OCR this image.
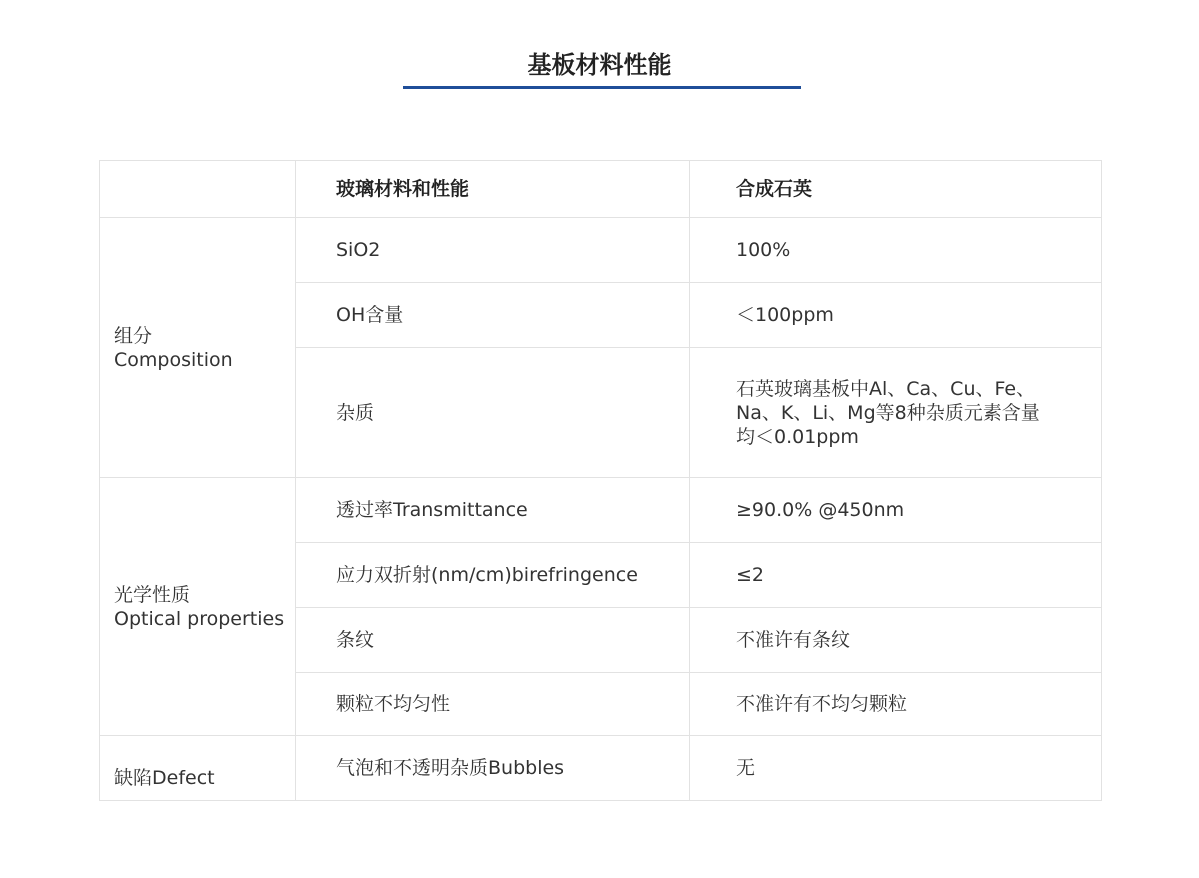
基板材料性能
	玻璃材料和性能	合成石英

组分
Composition	SiO2	100%
	OH含量	＜100ppm
	杂质	石英玻璃基板中Al、Ca、Cu、Fe、
Na、K、Li、Mg等8种杂质元素含量
均＜0.01ppm

光学性质
Optical properties	透过率Transmittance	≥90.0% @450nm
	应力双折射(nm/cm)birefringence	≤2
	条纹	不准许有条纹
	颗粒不均匀性	不准许有不均匀颗粒
缺陷Defect	气泡和不透明杂质Bubbles	无
